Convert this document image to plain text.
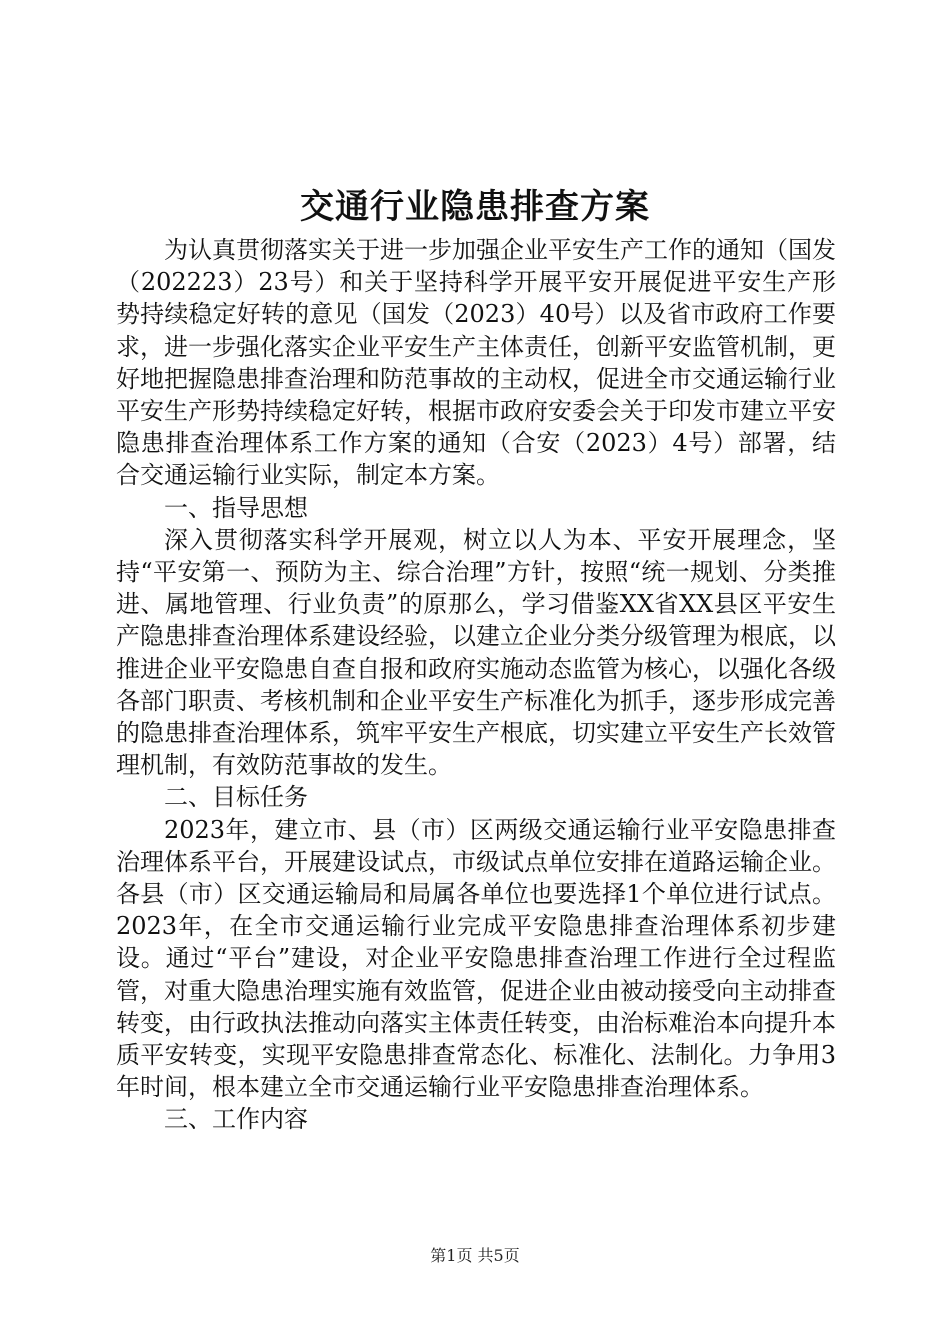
交通行业隐患排查方案

为认真贯彻落实关于进一步加强企业平安生产工作的通知（国发（202223）23号）和关于坚持科学开展平安开展促进平安生产形势持续稳定好转的意见（国发（2023）40号）以及省市政府工作要求，进一步强化落实企业平安生产主体责任，创新平安监管机制，更好地把握隐患排查治理和防范事故的主动权，促进全市交通运输行业平安生产形势持续稳定好转，根据市政府安委会关于印发市建立平安隐患排查治理体系工作方案的通知（合安（2023）4号）部署，结合交通运输行业实际，制定本方案。

一、指导思想

深入贯彻落实科学开展观，树立以人为本、平安开展理念，坚持“平安第一、预防为主、综合治理”方针，按照“统一规划、分类推进、属地管理、行业负责”的原那么，学习借鉴XX省XX县区平安生产隐患排查治理体系建设经验，以建立企业分类分级管理为根底，以推进企业平安隐患自查自报和政府实施动态监管为核心，以强化各级各部门职责、考核机制和企业平安生产标准化为抓手，逐步形成完善的隐患排查治理体系，筑牢平安生产根底，切实建立平安生产长效管理机制，有效防范事故的发生。

二、目标任务

2023年，建立市、县（市）区两级交通运输行业平安隐患排查治理体系平台，开展建设试点，市级试点单位安排在道路运输企业。各县（市）区交通运输局和局属各单位也要选择1个单位进行试点。2023年，在全市交通运输行业完成平安隐患排查治理体系初步建设。通过“平台”建设，对企业平安隐患排查治理工作进行全过程监管，对重大隐患治理实施有效监管，促进企业由被动接受向主动排查转变，由行政执法推动向落实主体责任转变，由治标难治本向提升本质平安转变，实现平安隐患排查常态化、标准化、法制化。力争用3年时间，根本建立全市交通运输行业平安隐患排查治理体系。

三、工作内容

第1页 共5页
